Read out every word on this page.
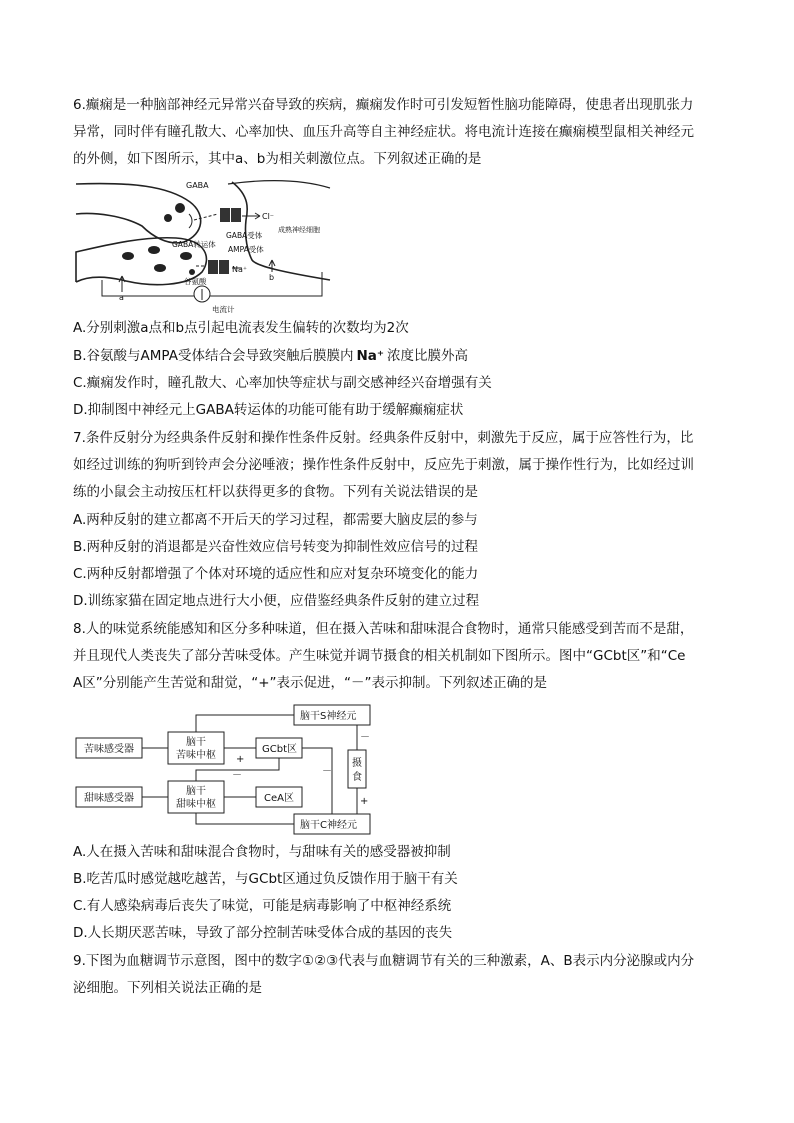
6.癫痫是一种脑部神经元异常兴奋导致的疾病，癫痫发作时可引发短暂性脑功能障碍，使患者出现肌张力
异常，同时伴有瞳孔散大、心率加快、血压升高等自主神经症状。将电流计连接在癫痫模型鼠相关神经元
的外侧，如下图所示，其中a、b为相关刺激位点。下列叙述正确的是
GABA
Cl⁻
成熟神经细胞
GABA受体
GABA转运体
AMPA受体
Na⁺
谷氨酸
a
b
电流计
A.分别刺激a点和b点引起电流表发生偏转的次数均为2次
B.谷氨酸与AMPA受体结合会导致突触后膜膜内 Na⁺ 浓度比膜外高
C.癫痫发作时，瞳孔散大、心率加快等症状与副交感神经兴奋增强有关
D.抑制图中神经元上GABA转运体的功能可能有助于缓解癫痫症状
7.条件反射分为经典条件反射和操作性条件反射。经典条件反射中，刺激先于反应，属于应答性行为，比
如经过训练的狗听到铃声会分泌唾液；操作性条件反射中，反应先于刺激，属于操作性行为，比如经过训
练的小鼠会主动按压杠杆以获得更多的食物。下列有关说法错误的是
A.两种反射的建立都离不开后天的学习过程，都需要大脑皮层的参与
B.两种反射的消退都是兴奋性效应信号转变为抑制性效应信号的过程
C.两种反射都增强了个体对环境的适应性和应对复杂环境变化的能力
D.训练家猫在固定地点进行大小便，应借鉴经典条件反射的建立过程
8.人的味觉系统能感知和区分多种味道，但在摄入苦味和甜味混合食物时，通常只能感受到苦而不是甜，
并且现代人类丧失了部分苦味受体。产生味觉并调节摄食的相关机制如下图所示。图中“GCbt区”和“Ce
A区”分别能产生苦觉和甜觉，“+”表示促进，“－”表示抑制。下列叙述正确的是
苦味感受器
甜味感受器
脑干
苦味中枢
脑干
甜味中枢
GCbt区
CeA区
脑干S神经元
脑干C神经元
摄
食
+
－	－
－
+
A.人在摄入苦味和甜味混合食物时，与甜味有关的感受器被抑制
B.吃苦瓜时感觉越吃越苦，与GCbt区通过负反馈作用于脑干有关
C.有人感染病毒后丧失了味觉，可能是病毒影响了中枢神经系统
D.人长期厌恶苦味，导致了部分控制苦味受体合成的基因的丧失
9.下图为血糖调节示意图，图中的数字①②③代表与血糖调节有关的三种激素，A、B表示内分泌腺或内分
泌细胞。下列相关说法正确的是
